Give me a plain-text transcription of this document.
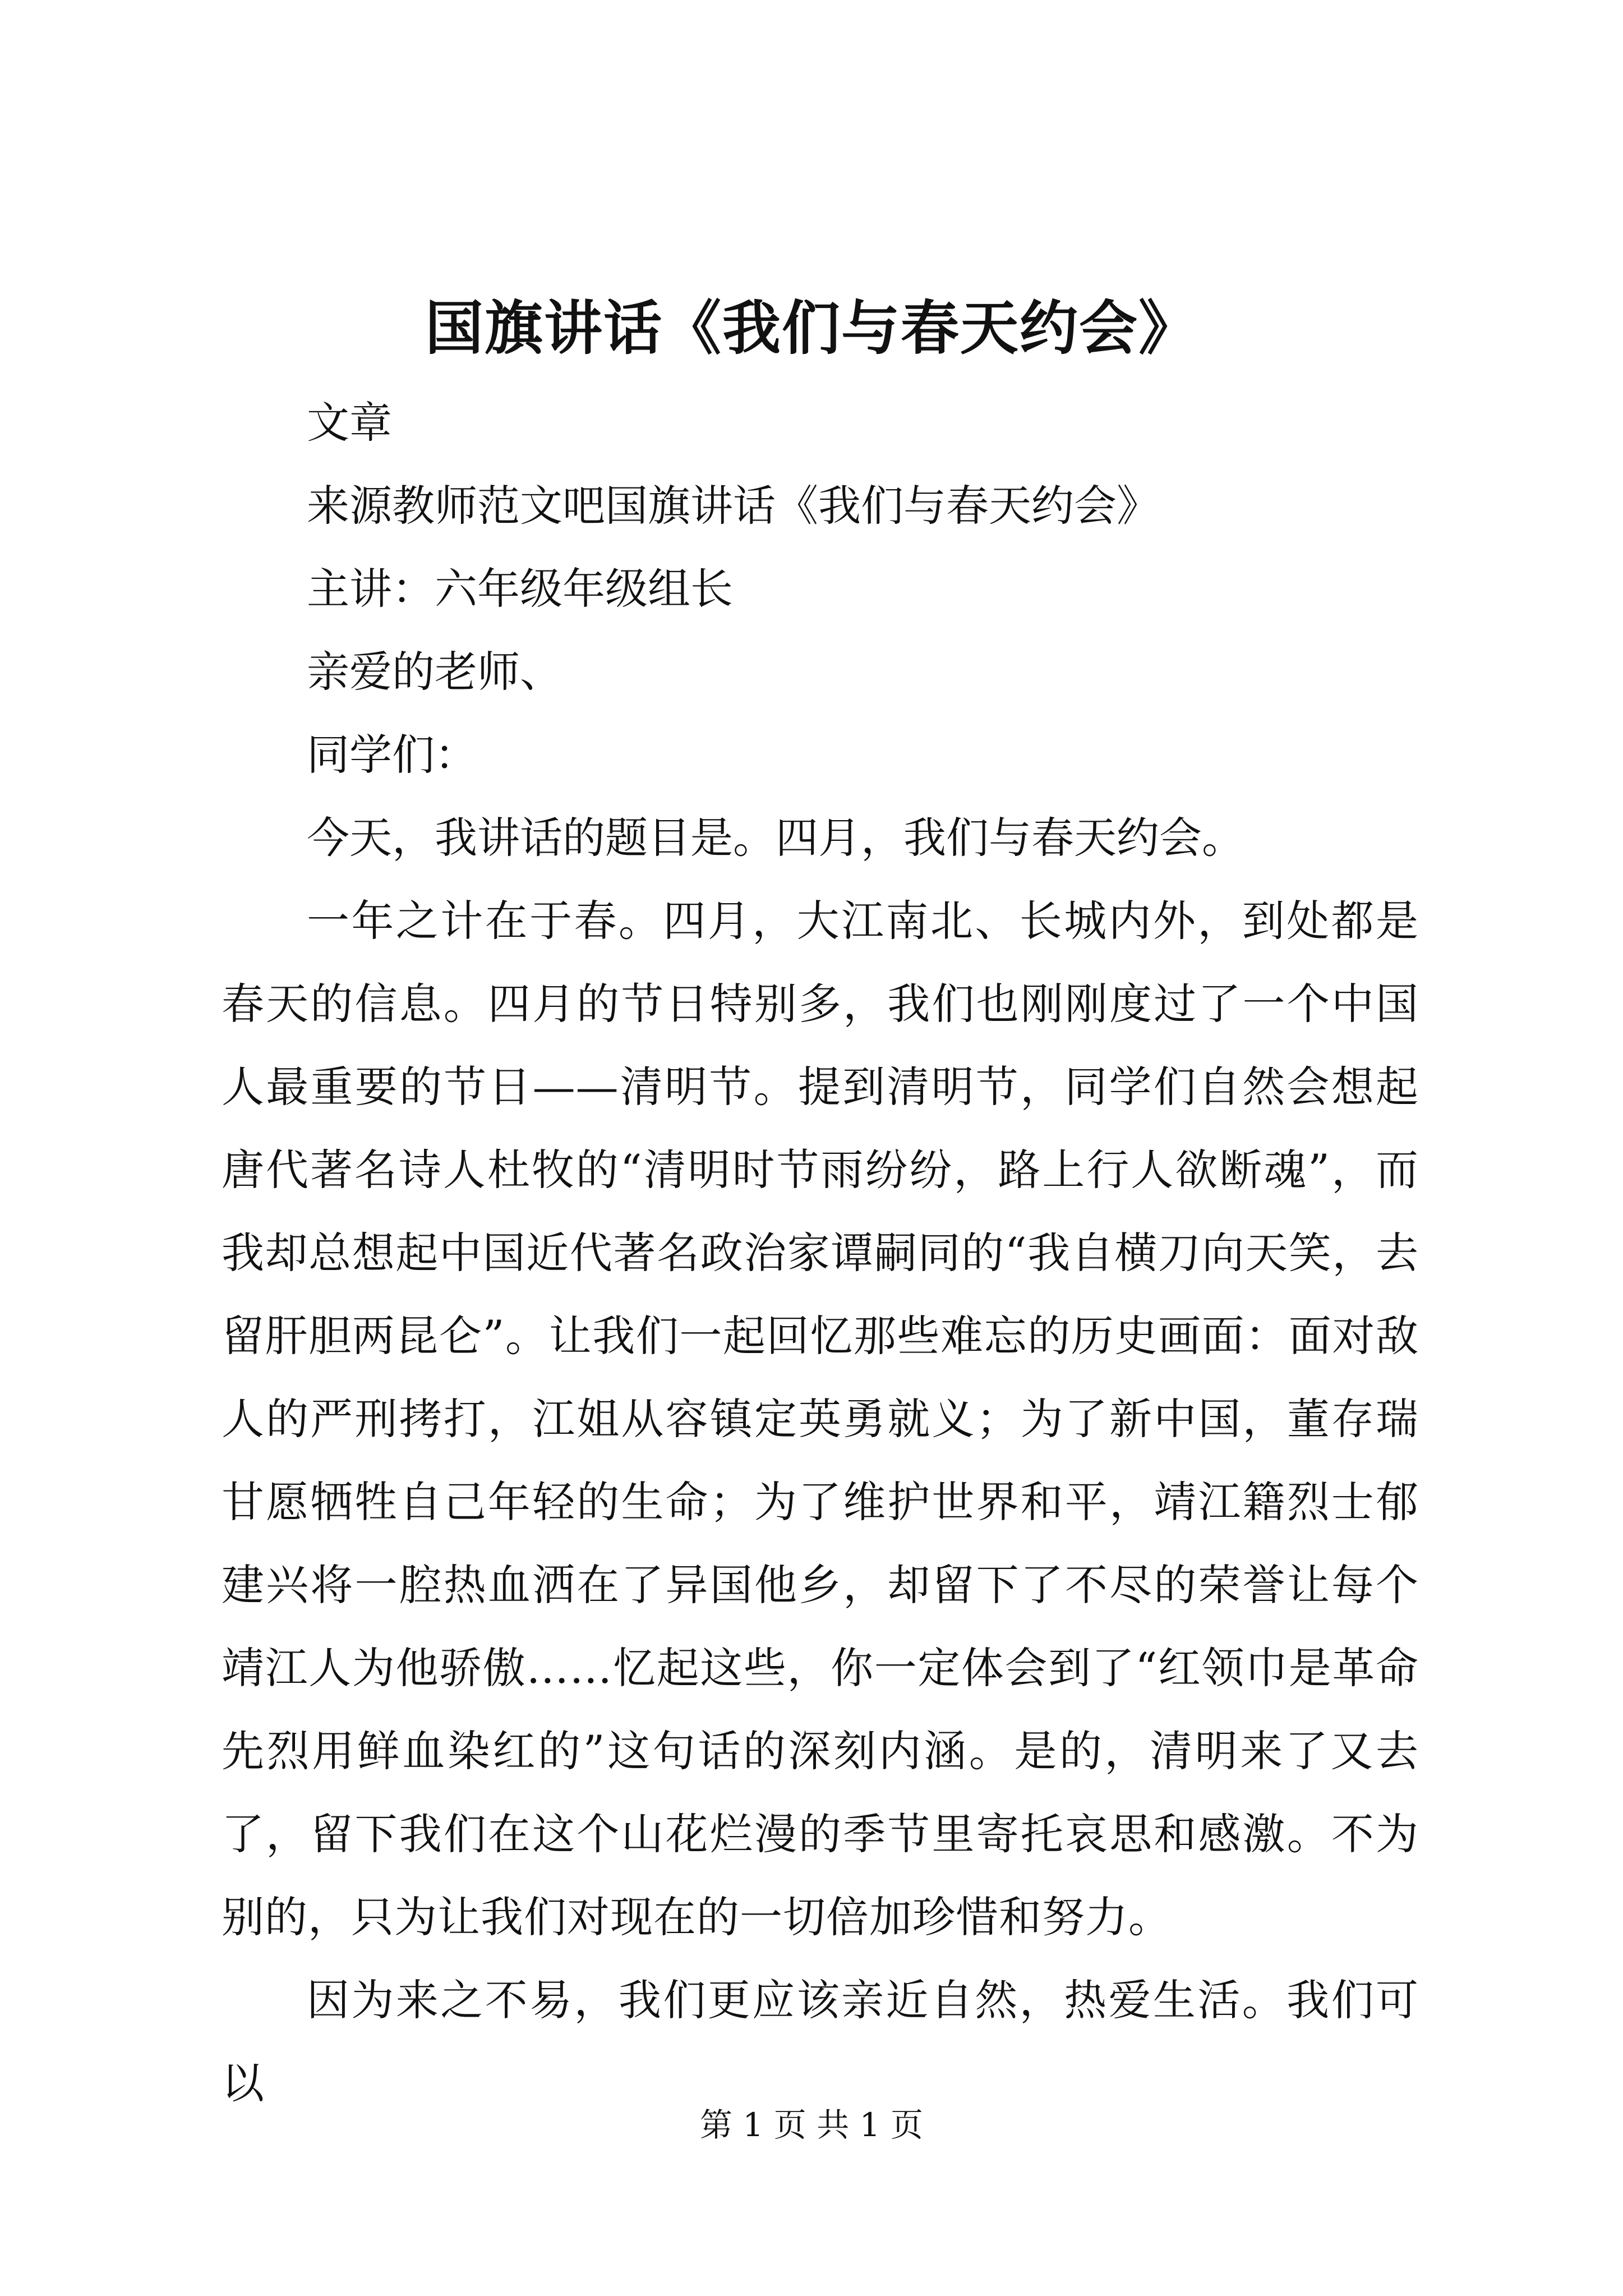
国旗讲话《我们与春天约会》

文章

来源教师范文吧国旗讲话《我们与春天约会》

主讲：六年级年级组长

亲爱的老师、

同学们：

今天，我讲话的题目是。四月，我们与春天约会。

一年之计在于春。四月，大江南北、长城内外，到处都是春天的信息。四月的节日特别多，我们也刚刚度过了一个中国人最重要的节日——清明节。提到清明节，同学们自然会想起唐代著名诗人杜牧的“清明时节雨纷纷，路上行人欲断魂”，而我却总想起中国近代著名政治家谭嗣同的“我自横刀向天笑，去留肝胆两昆仑”。让我们一起回忆那些难忘的历史画面：面对敌人的严刑拷打，江姐从容镇定英勇就义；为了新中国，董存瑞甘愿牺牲自己年轻的生命；为了维护世界和平，靖江籍烈士郁建兴将一腔热血洒在了异国他乡，却留下了不尽的荣誉让每个靖江人为他骄傲……忆起这些，你一定体会到了“红领巾是革命先烈用鲜血染红的”这句话的深刻内涵。是的，清明来了又去了，留下我们在这个山花烂漫的季节里寄托哀思和感激。不为别的，只为让我们对现在的一切倍加珍惜和努力。

因为来之不易，我们更应该亲近自然，热爱生活。我们可以

第 1 页 共 1 页
